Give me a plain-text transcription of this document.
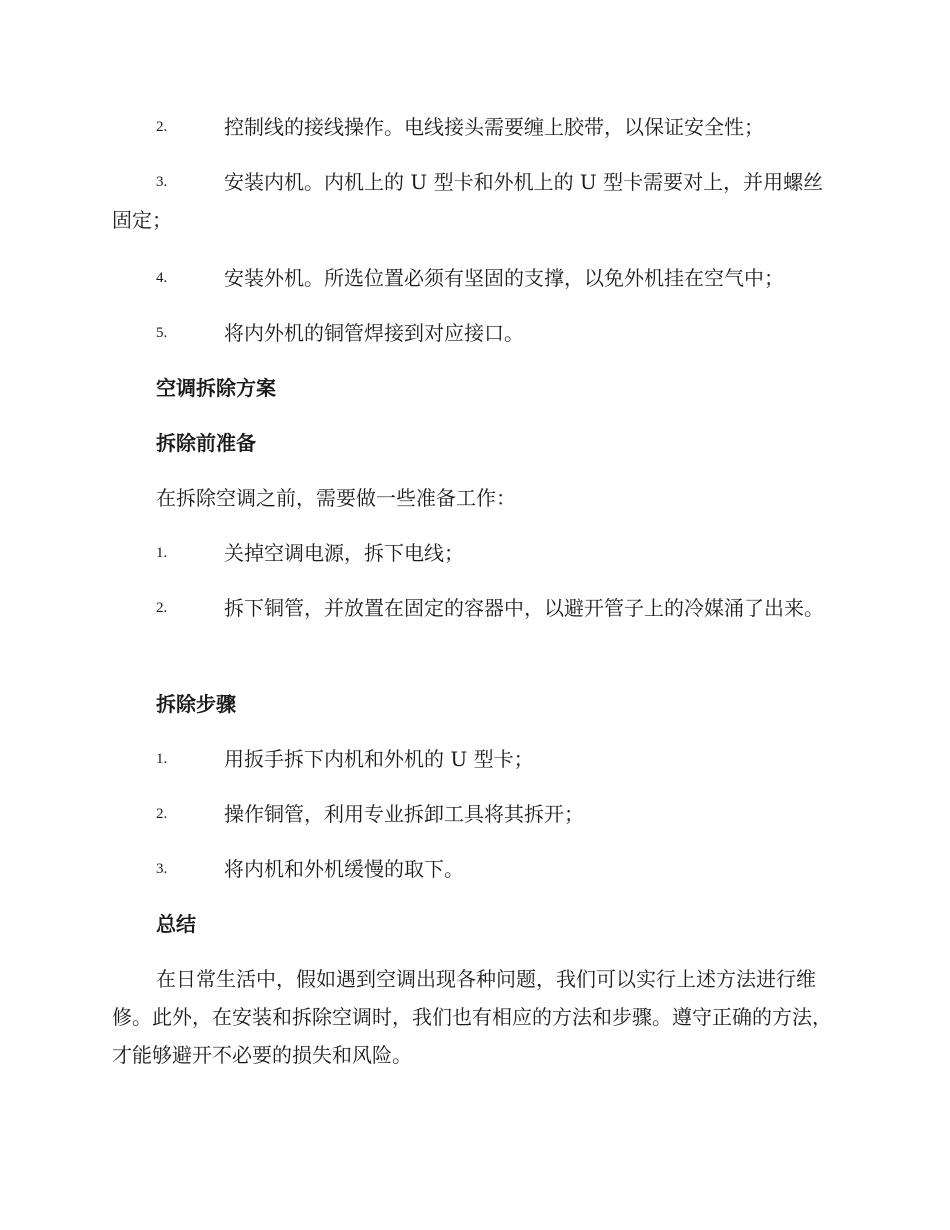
2.	控制线的接线操作。电线接头需要缠上胶带，以保证安全性；
3.	安装内机。内机上的 U 型卡和外机上的 U 型卡需要对上，并用螺丝固定；
4.	安装外机。所选位置必须有坚固的支撑，以免外机挂在空气中；
5.	将内外机的铜管焊接到对应接口。
空调拆除方案
拆除前准备

在拆除空调之前，需要做一些准备工作：

1.	关掉空调电源，拆下电线；
2.	拆下铜管，并放置在固定的容器中，以避开管子上的冷媒涌了出来。
拆除步骤
1.	用扳手拆下内机和外机的 U 型卡；
2.	操作铜管，利用专业拆卸工具将其拆开；
3.	将内机和外机缓慢的取下。
总结

在日常生活中，假如遇到空调出现各种问题，我们可以实行上述方法进行维修。此外，在安装和拆除空调时，我们也有相应的方法和步骤。遵守正确的方法，才能够避开不必要的损失和风险。
